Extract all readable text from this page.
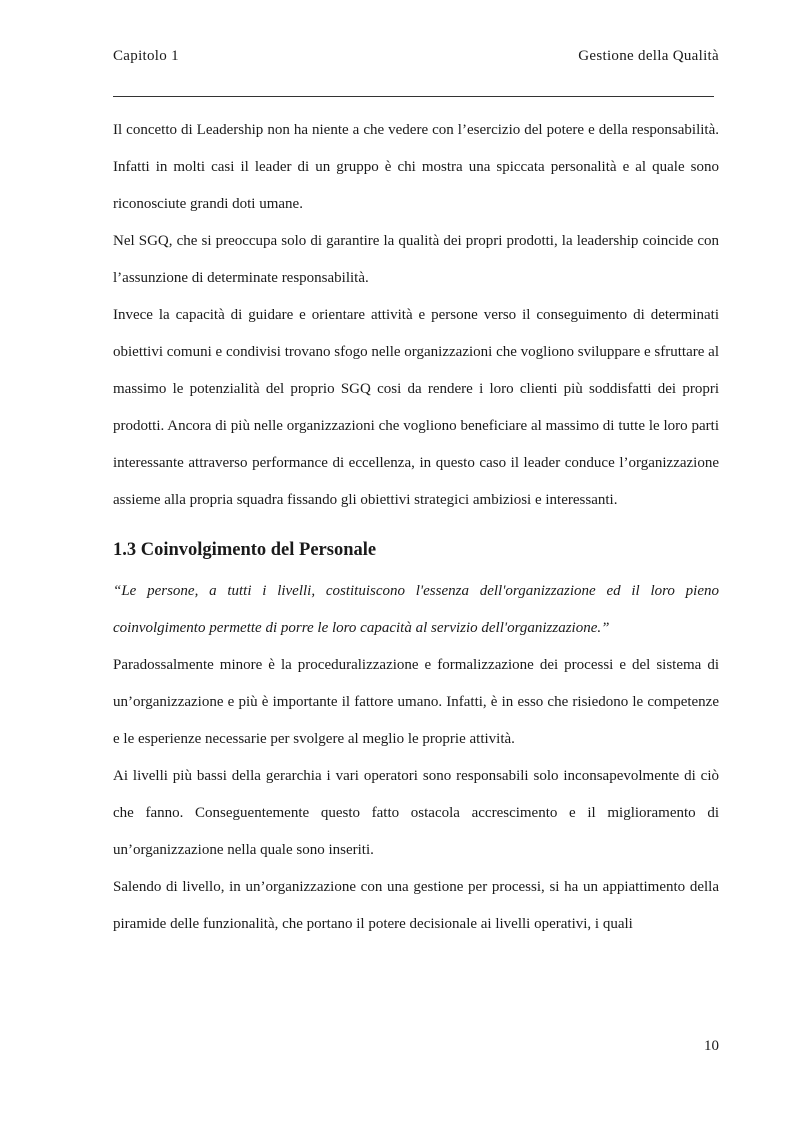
Capitolo 1	Gestione della Qualità

Il concetto di Leadership non ha niente a che vedere con l’esercizio del potere e della responsabilità. Infatti in molti casi il leader di un gruppo è chi mostra una spiccata personalità e al quale sono riconosciute grandi doti umane.

Nel SGQ, che si preoccupa solo di garantire la qualità dei propri prodotti, la leadership coincide con l’assunzione di determinate responsabilità.

Invece la capacità di guidare e orientare attività e persone verso il conseguimento di determinati obiettivi comuni e condivisi trovano sfogo nelle organizzazioni che vogliono sviluppare e sfruttare al massimo le potenzialità del proprio SGQ cosi da rendere i loro clienti più soddisfatti dei propri prodotti. Ancora di più nelle organizzazioni che vogliono beneficiare al massimo di tutte le loro parti interessante attraverso performance di eccellenza, in questo caso il leader conduce l’organizzazione assieme alla propria squadra fissando gli obiettivi strategici ambiziosi e interessanti.

1.3 Coinvolgimento del Personale

“Le persone, a tutti i livelli, costituiscono l'essenza dell'organizzazione ed il loro pieno coinvolgimento permette di porre le loro capacità al servizio dell'organizzazione.”

Paradossalmente minore è la proceduralizzazione e formalizzazione dei processi e del sistema di un’organizzazione e più è importante il fattore umano. Infatti, è in esso che risiedono le competenze e le esperienze necessarie per svolgere al meglio le proprie attività.

Ai livelli più bassi della gerarchia i vari operatori sono responsabili solo inconsapevolmente di ciò che fanno. Conseguentemente questo fatto ostacola accrescimento e il miglioramento di un’organizzazione nella quale sono inseriti.

Salendo di livello, in un’organizzazione con una gestione per processi, si ha un appiattimento della piramide delle funzionalità, che portano il potere decisionale ai livelli operativi, i quali

10
